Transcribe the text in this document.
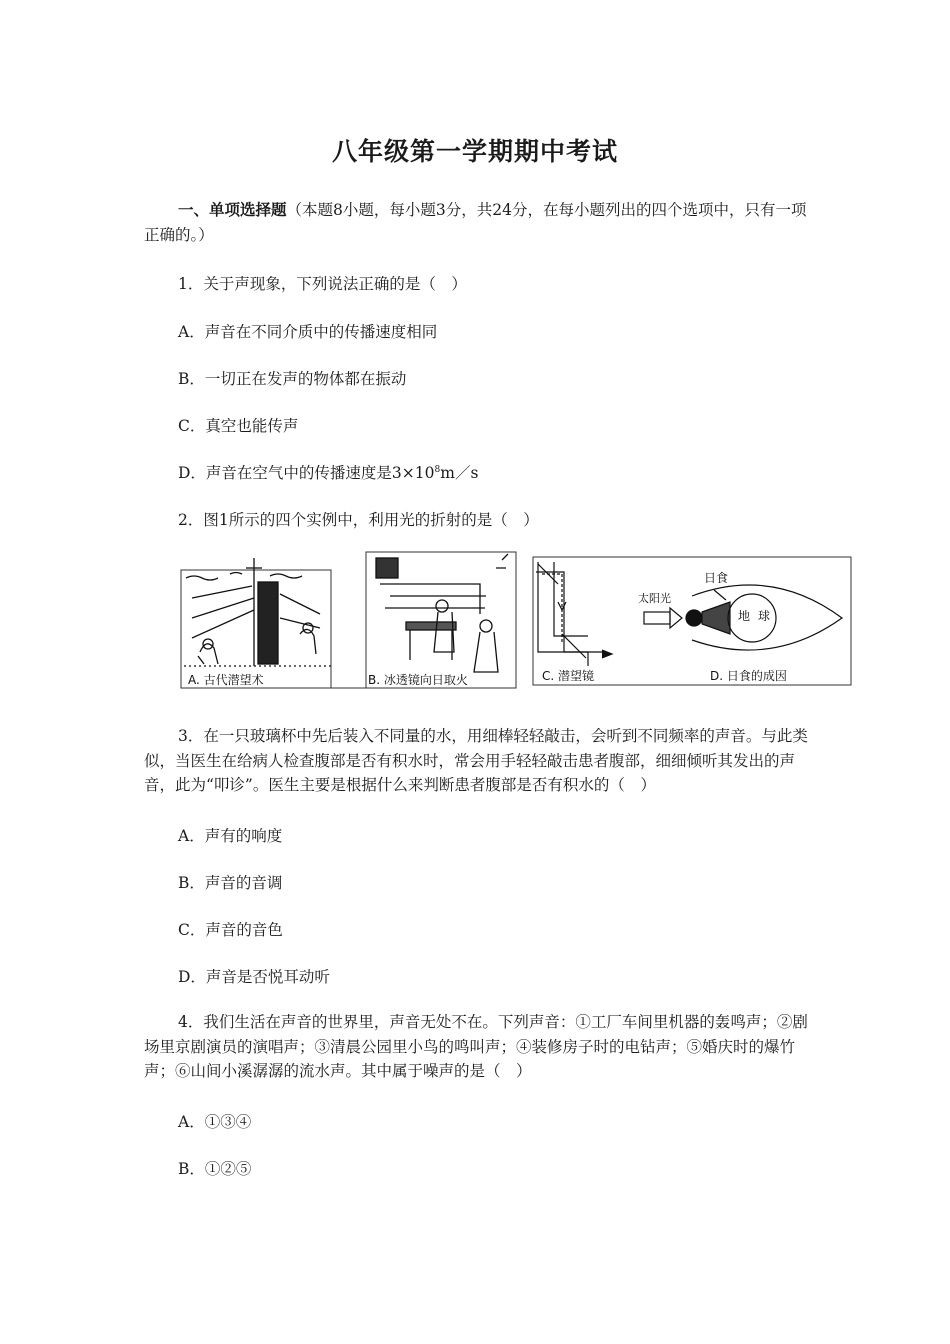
八年级第一学期期中考试
一、单项选择题（本题8小题，每小题3分，共24分，在每小题列出的四个选项中，只有一项正确的。）
1．关于声现象，下列说法正确的是（　）
A．声音在不同介质中的传播速度相同
B．一切正在发声的物体都在振动
C．真空也能传声
D．声音在空气中的传播速度是$3\times 10^8m/s$
2．图1所示的四个实例中，利用光的折射的是（　）
A. 古代潜望术	B. 冰透镜向日取火
日食
太阳光
地 球
C. 潜望镜	D. 日食的成因
3．在一只玻璃杯中先后装入不同量的水，用细棒轻轻敲击，会听到不同频率的声音。与此类似，当医生在给病人检查腹部是否有积水时，常会用手轻轻敲击患者腹部，细细倾听其发出的声音，此为“叩诊”。医生主要是根据什么来判断患者腹部是否有积水的（　）
A．声有的响度
B．声音的音调
C．声音的音色
D．声音是否悦耳动听
4．我们生活在声音的世界里，声音无处不在。下列声音：①工厂车间里机器的轰鸣声；②剧场里京剧演员的演唱声；③清晨公园里小鸟的鸣叫声；④装修房子时的电钻声；⑤婚庆时的爆竹声；⑥山间小溪潺潺的流水声。其中属于噪声的是（　）
A．①③④
B．①②⑤
